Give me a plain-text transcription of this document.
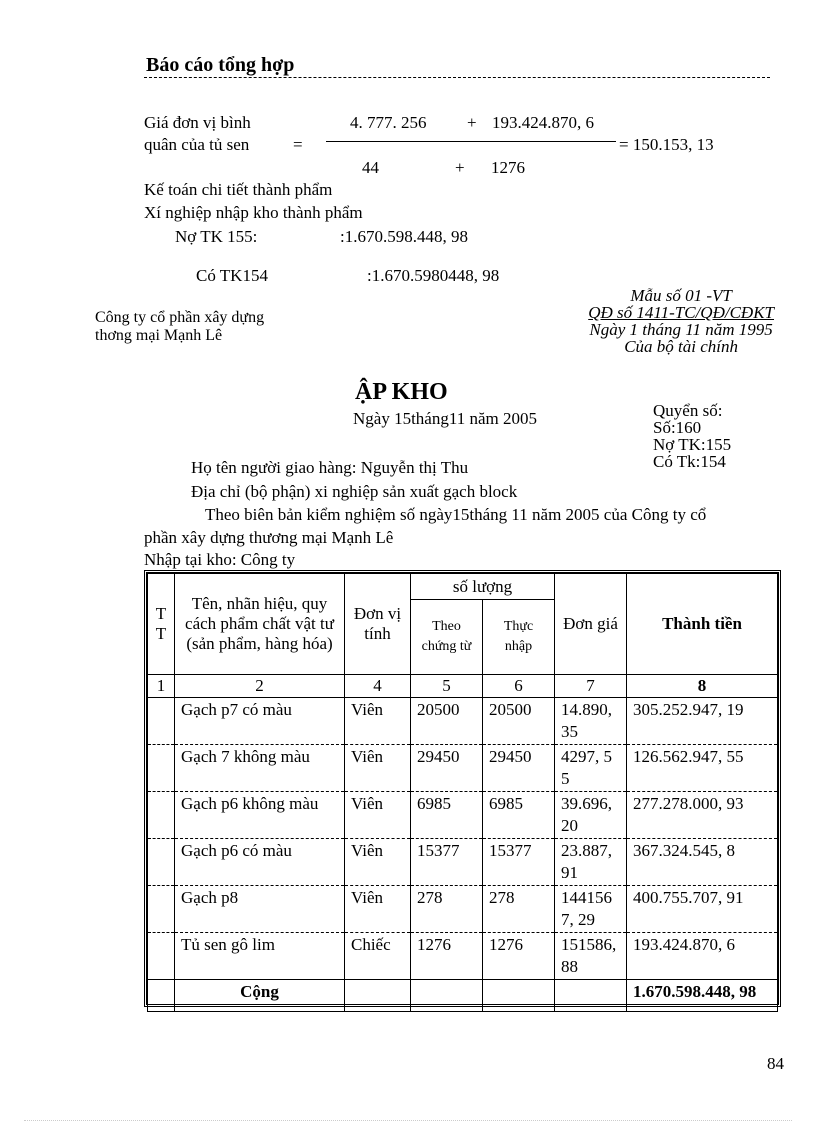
Báo cáo tổng hợp
Giá đơn vị bình
quân của tủ sen	=
4. 777. 256 + 193.424.870, 6
44	+ 1276
= 150.153, 13
Kế toán chi tiết thành phẩm
Xí nghiệp nhập kho thành phẩm
Nợ TK 155:	:1.670.598.448, 98
Có TK154	:1.670.5980448, 98
Công ty cổ phần xây dựng
thơng mại Mạnh Lê
Mẫu số 01 -VT
QĐ số 1411-TC/QĐ/CĐKT
Ngày 1 tháng 11 năm 1995
Của bộ tài chính
ẬP KHO
Ngày 15tháng11 năm 2005	Quyển số:
Số:160
Nợ TK:155
Có Tk:154
Họ tên người giao hàng: Nguyễn thị Thu
Địa chỉ (bộ phận) xi nghiệp sản xuất gạch block
Theo biên bản kiểm nghiệm số ngày15tháng 11 năm 2005 của Công ty cổ
phần xây dựng thương mại Mạnh Lê
Nhập tại kho: Công ty
T T	Tên, nhãn hiệu, quy cách phẩm chất vật tư (sản phẩm, hàng hóa)	Đơn vị tính	số lượng		Đơn giá	Thành tiền
			Theo chứng từ	Thực nhập		
1	2	4	5	6	7	8
	Gạch p7 có màu	Viên	20500	20500	14.890, 35	305.252.947, 19
	Gạch 7 không màu	Viên	29450	29450	4297, 55	126.562.947, 55
	Gạch p6 không màu	Viên	6985	6985	39.696, 20	277.278.000, 93
	Gạch p6 có màu	Viên	15377	15377	23.887, 91	367.324.545, 8
	Gạch p8	Viên	278	278	1441567, 29	400.755.707, 91
	Tủ sen gô lim	Chiếc	1276	1276	151586, 88	193.424.870, 6
	Cộng					1.670.598.448, 98
84
